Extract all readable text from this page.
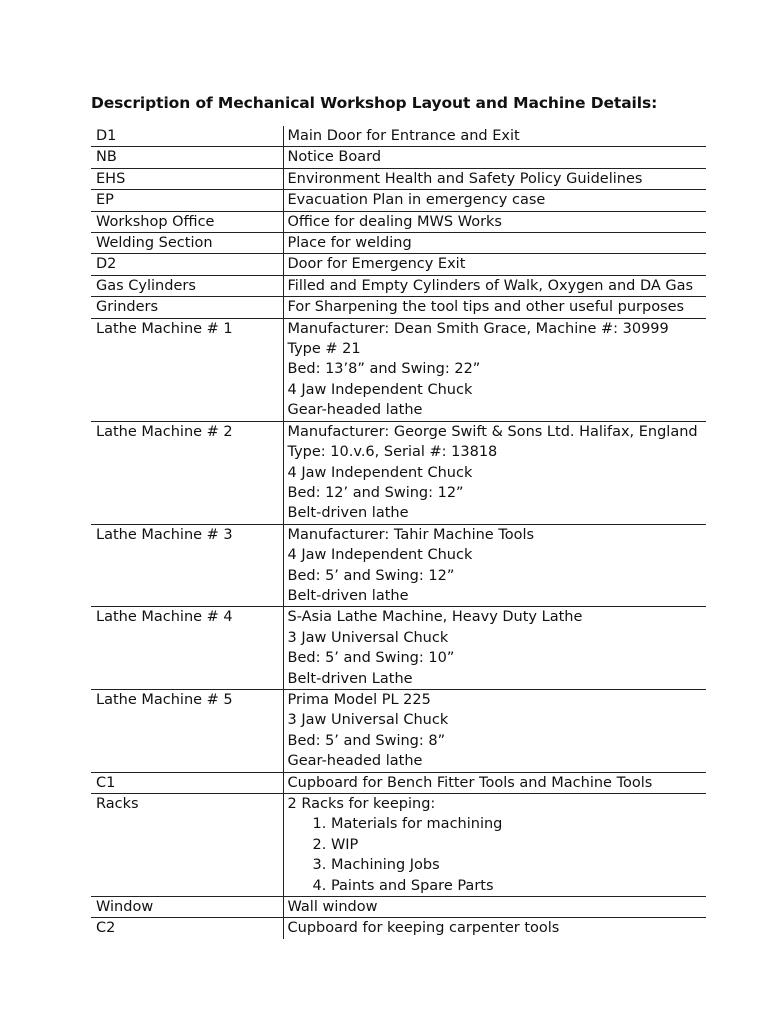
Description of Mechanical Workshop Layout and Machine Details:
D1	Main Door for Entrance and Exit

NB	Notice Board

EHS	Environment Health and Safety Policy Guidelines

EP	Evacuation Plan in emergency case

Workshop Office	Office for dealing MWS Works

Welding Section	Place for welding

D2	Door for Emergency Exit

Gas Cylinders	Filled and Empty Cylinders of Walk, Oxygen and DA Gas

Grinders	For Sharpening the tool tips and other useful purposes

Lathe Machine # 1	Manufacturer: Dean Smith Grace, Machine #: 30999
Type # 21
Bed: 13’8” and Swing: 22”
4 Jaw Independent Chuck
Gear-headed lathe

Lathe Machine # 2	Manufacturer: George Swift & Sons Ltd. Halifax, England
Type: 10.v.6, Serial #: 13818
4 Jaw Independent Chuck
Bed: 12’ and Swing: 12”
Belt-driven lathe

Lathe Machine # 3	Manufacturer: Tahir Machine Tools
4 Jaw Independent Chuck
Bed: 5’ and Swing: 12”
Belt-driven lathe

Lathe Machine # 4	S-Asia Lathe Machine, Heavy Duty Lathe
3 Jaw Universal Chuck
Bed: 5’ and Swing: 10”
Belt-driven Lathe

Lathe Machine # 5	Prima Model PL 225
3 Jaw Universal Chuck
Bed: 5’ and Swing: 8”
Gear-headed lathe

C1	Cupboard for Bench Fitter Tools and Machine Tools

Racks	2 Racks for keeping:
1. Materials for machining
2. WIP
3. Machining Jobs
4. Paints and Spare Parts

Window	Wall window

C2	Cupboard for keeping carpenter tools
